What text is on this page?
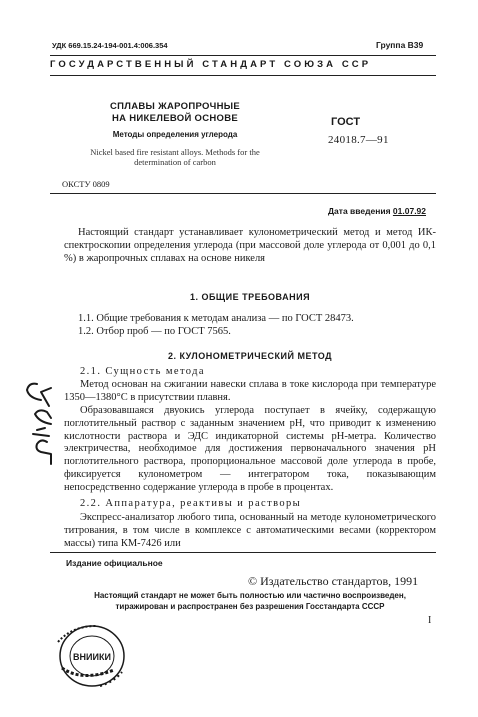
УДК 669.15.24-194-001.4:006.354	Группа В39
ГОСУДАРСТВЕННЫЙ СТАНДАРТ СОЮЗА ССР
СПЛАВЫ ЖАРОПРОЧНЫЕ
НА НИКЕЛЕВОЙ ОСНОВЕ
Методы определения углерода
Nickel based fire resistant alloys. Methods for the
determination of carbon
ГОСТ
24018.7—91
ОКСТУ 0809
Дата введения 01.07.92
Настоящий стандарт устанавливает кулонометрический метод и метод ИК-спектроскопии определения углерода (при массовой доле углерода от 0,001 до 0,1 %) в жаропрочных сплавах на основе никеля
1. ОБЩИЕ ТРЕБОВАНИЯ
1.1. Общие требования к методам анализа — по ГОСТ 28473.
1.2. Отбор проб — по ГОСТ 7565.
2. КУЛОНОМЕТРИЧЕСКИЙ МЕТОД
2.1. Сущность метода
Метод основан на сжигании навески сплава в токе кислорода при температуре 1350—1380°С в присутствии плавня.
Образовавшаяся двуокись углерода поступает в ячейку, содержащую поглотительный раствор с заданным значением рН, что приводит к изменению кислотности раствора и ЭДС индикаторной системы рН-метра. Количество электричества, необходимое для достижения первоначального значения рН поглотительного раствора, пропорциональное массовой доле углерода в пробе, фиксируется кулонометром — интегратором тока, показывающим непосредственно содержание углерода в пробе в процентах.
2.2. Аппаратура, реактивы и растворы
Экспресс-анализатор любого типа, основанный на методе кулонометрического титрования, в том числе в комплексе с автоматическими весами (корректором массы) типа КМ-7426 или
Издание официальное
© Издательство стандартов, 1991
Настоящий стандарт не может быть полностью или частично воспроизведен,
тиражирован и распространен без разрешения Госстандарта СССР
I
ВНИИКИ
